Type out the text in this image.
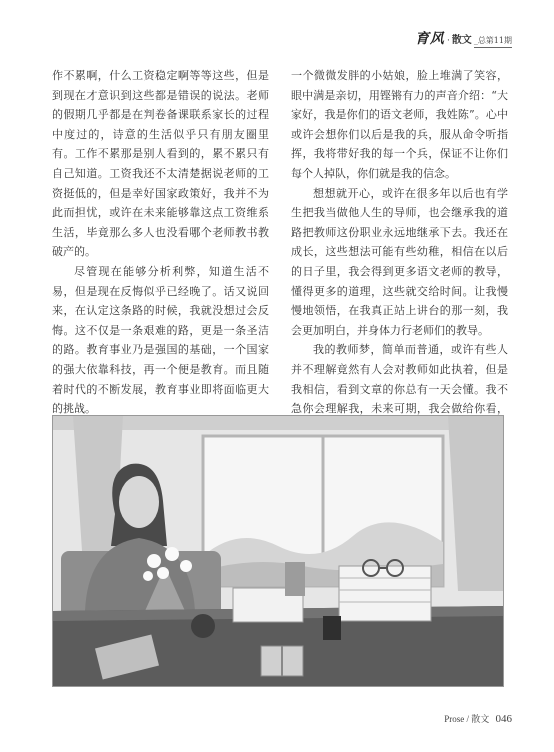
育风 · 散文 _总第11期

作不累啊，什么工资稳定啊等等这些，但是到现在才意识到这些都是错误的说法。老师的假期几乎都是在判卷备课联系家长的过程中度过的，诗意的生活似乎只有朋友圈里有。工作不累那是别人看到的，累不累只有自己知道。工资我还不太清楚据说老师的工资挺低的，但是幸好国家政策好，我并不为此而担忧，或许在未来能够靠这点工资维系生活，毕竟那么多人也没看哪个老师教书教破产的。

尽管现在能够分析利弊，知道生活不易，但是现在反悔似乎已经晚了。话又说回来，在认定这条路的时候，我就没想过会反悔。这不仅是一条艰难的路，更是一条圣洁的路。教育事业乃是强国的基础，一个国家的强大依靠科技，再一个便是教育。而且随着时代的不断发展，教育事业即将面临更大的挑战。

一个微微发胖的小姑娘，脸上堆满了笑容，眼中满是亲切，用铿锵有力的声音介绍：“大家好，我是你们的语文老师，我姓陈”。心中或许会想你们以后是我的兵，服从命令听指挥，我将带好我的每一个兵，保证不让你们每个人掉队，你们就是我的信念。

想想就开心，或许在很多年以后也有学生把我当做他人生的导师，也会继承我的道路把教师这份职业永远地继承下去。我还在成长，这些想法可能有些幼稚，相信在以后的日子里，我会得到更多语文老师的教导，懂得更多的道理，这些就交给时间。让我慢慢地领悟，在我真正站上讲台的那一刻，我会更加明白，并身体力行老师们的教导。

我的教师梦，简单而普通，或许有些人并不理解竟然有人会对教师如此执着，但是我相信，看到文章的你总有一天会懂。我不急你会理解我，未来可期，我会做给你看，

Prose / 散文 046
